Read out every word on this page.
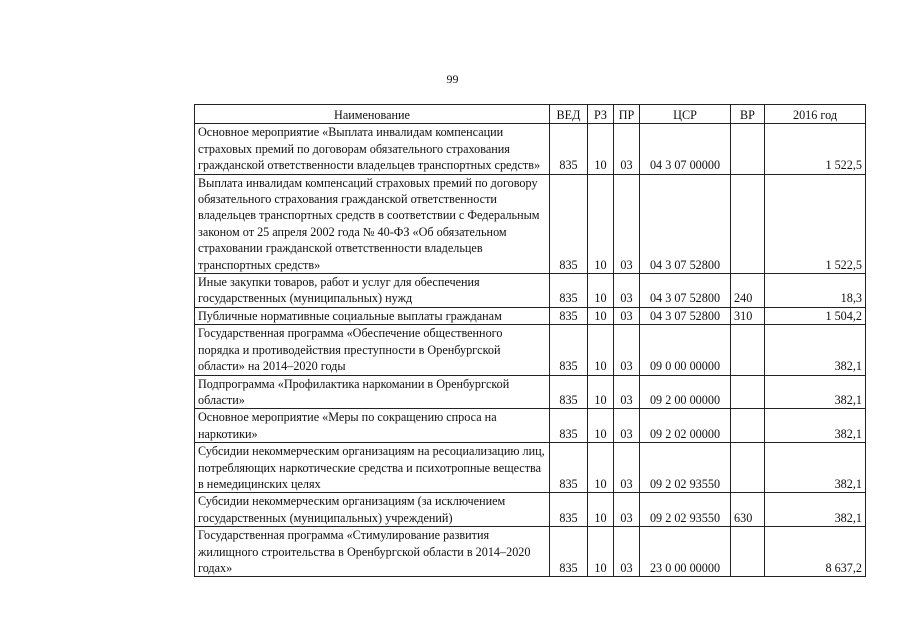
99
Наименование	ВЕД	РЗ	ПР	ЦСР	ВР	2016 год
Основное мероприятие «Выплата инвалидам компенсации страховых премий по договорам обязательного страхования гражданской ответственности владельцев транспортных средств»	835	10	03	04 3 07 00000		1 522,5
Выплата инвалидам компенсаций страховых премий по договору обязательного страхования гражданской ответственности владельцев транспортных средств в соответствии с Федеральным законом от 25 апреля 2002 года № 40-ФЗ «Об обязательном страховании гражданской ответственности владельцев транспортных средств»	835	10	03	04 3 07 52800		1 522,5
Иные закупки товаров, работ и услуг для обеспечения государственных (муниципальных) нужд	835	10	03	04 3 07 52800	240	18,3
Публичные нормативные социальные выплаты гражданам	835	10	03	04 3 07 52800	310	1 504,2
Государственная программа «Обеспечение общественного порядка и противодействия преступности в Оренбургской области» на 2014–2020 годы	835	10	03	09 0 00 00000		382,1
Подпрограмма «Профилактика наркомании в Оренбургской области»	835	10	03	09 2 00 00000		382,1
Основное мероприятие «Меры по сокращению спроса на наркотики»	835	10	03	09 2 02 00000		382,1
Субсидии некоммерческим организациям на ресоциализацию лиц, потребляющих наркотические средства и психотропные вещества в немедицинских целях	835	10	03	09 2 02 93550		382,1
Субсидии некоммерческим организациям (за исключением государственных (муниципальных) учреждений)	835	10	03	09 2 02 93550	630	382,1
Государственная программа «Стимулирование развития жилищного строительства в Оренбургской области в 2014–2020 годах»	835	10	03	23 0 00 00000		8 637,2
